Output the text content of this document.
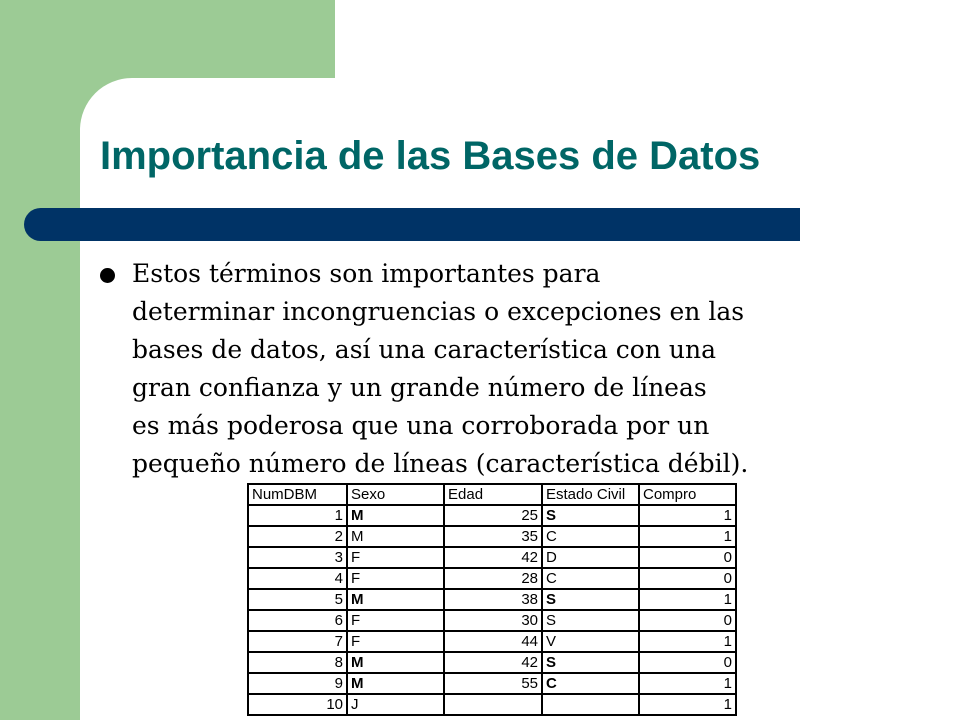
Importancia de las Bases de Datos

Estos términos son importantes para
determinar incongruencias o excepciones en las
bases de datos, así una característica con una
gran confianza y un grande número de líneas
es más poderosa que una corroborada por un
pequeño número de líneas (característica débil).

NumDBM	Sexo	Edad	Estado Civil	Compro
1	M	25	S	1
2	M	35	C	1
3	F	42	D	0
4	F	28	C	0
5	M	38	S	1
6	F	30	S	0
7	F	44	V	1
8	M	42	S	0
9	M	55	C	1
10	J			1
